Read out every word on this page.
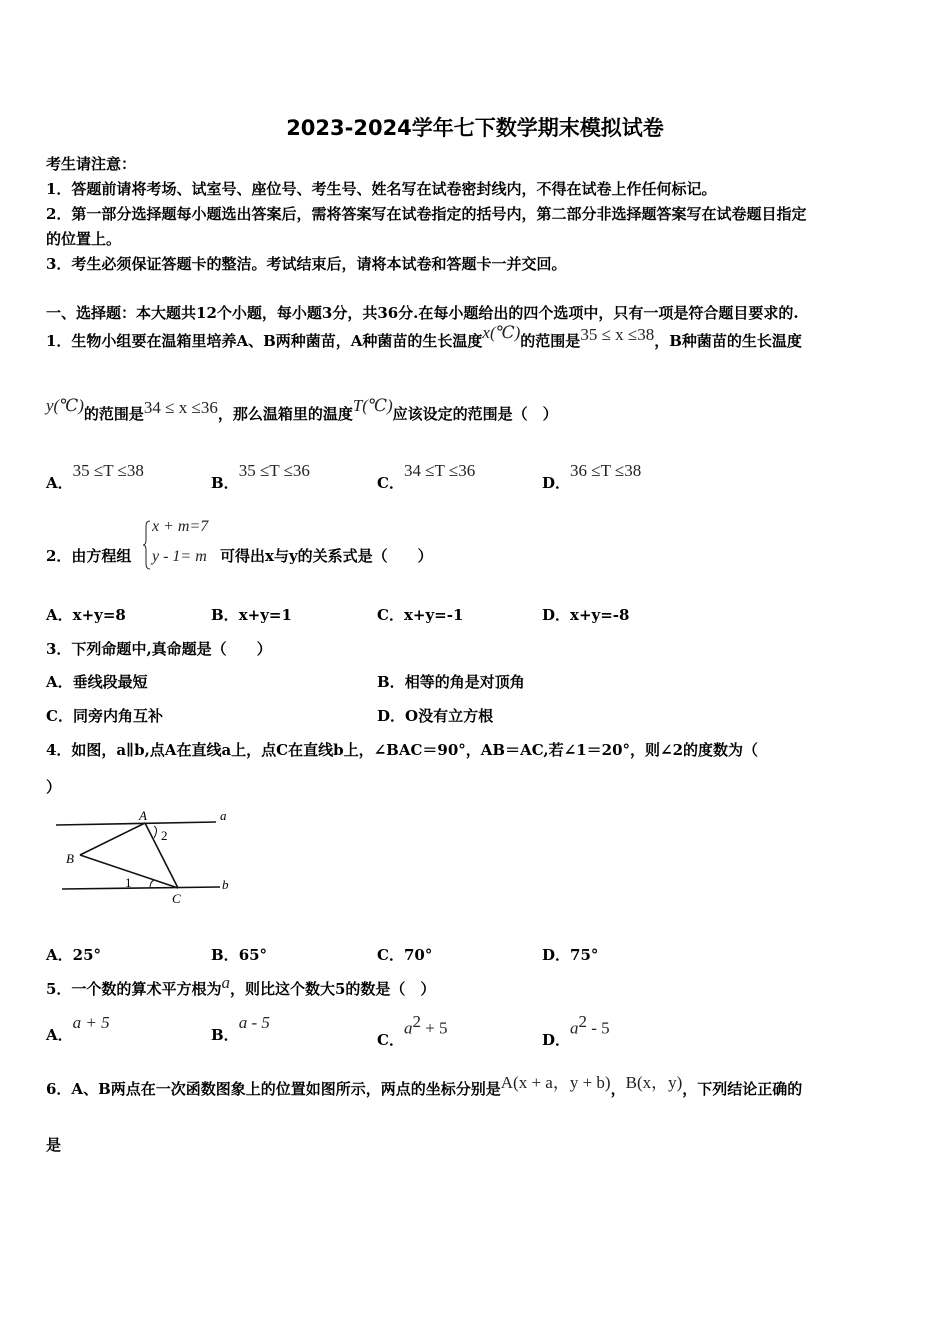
2023-2024学年七下数学期末模拟试卷
考生请注意：
1．答题前请将考场、试室号、座位号、考生号、姓名写在试卷密封线内，不得在试卷上作任何标记。
2．第一部分选择题每小题选出答案后，需将答案写在试卷指定的括号内，第二部分非选择题答案写在试卷题目指定
的位置上。
3．考生必须保证答题卡的整洁。考试结束后，请将本试卷和答题卡一并交回。
一、选择题：本大题共12个小题，每小题3分，共36分.在每小题给出的四个选项中，只有一项是符合题目要求的.
1．生物小组要在温箱里培养A、B两种菌苗，A种菌苗的生长温度x(℃)的范围是35 ≤ x ≤38，B种菌苗的生长温度
y(℃)的范围是34 ≤ x ≤36，那么温箱里的温度T(℃)应该设定的范围是（　）
A．35 ≤T ≤38
B．35 ≤T ≤36
C．34 ≤T ≤36
D．36 ≤T ≤38
2．由方程组
x + m=7
y - 1= m 可得出x与y的关系式是（　　）
A．x+y=8	B．x+y=1	C．x+y=-1	D．x+y=-8
3．下列命题中,真命题是（　　）
A．垂线段最短	B．相等的角是对顶角
C．同旁内角互补	D．O没有立方根
4．如图，a∥b,点A在直线a上，点C在直线b上，∠BAC＝90°，AB＝AC,若∠1＝20°，则∠2的度数为（
）
a
b
A
B
C
1
2
A．25°	B．65°	C．70°	D．75°
5．一个数的算术平方根为a，则比这个数大5的数是（　）
A．a + 5
B．a - 5
C．$a^2 + 5$
D．$a^2 - 5$
6．A、B两点在一次函数图象上的位置如图所示，两点的坐标分别是A(x + a，y + b)，B(x，y)，下列结论正确的
是
